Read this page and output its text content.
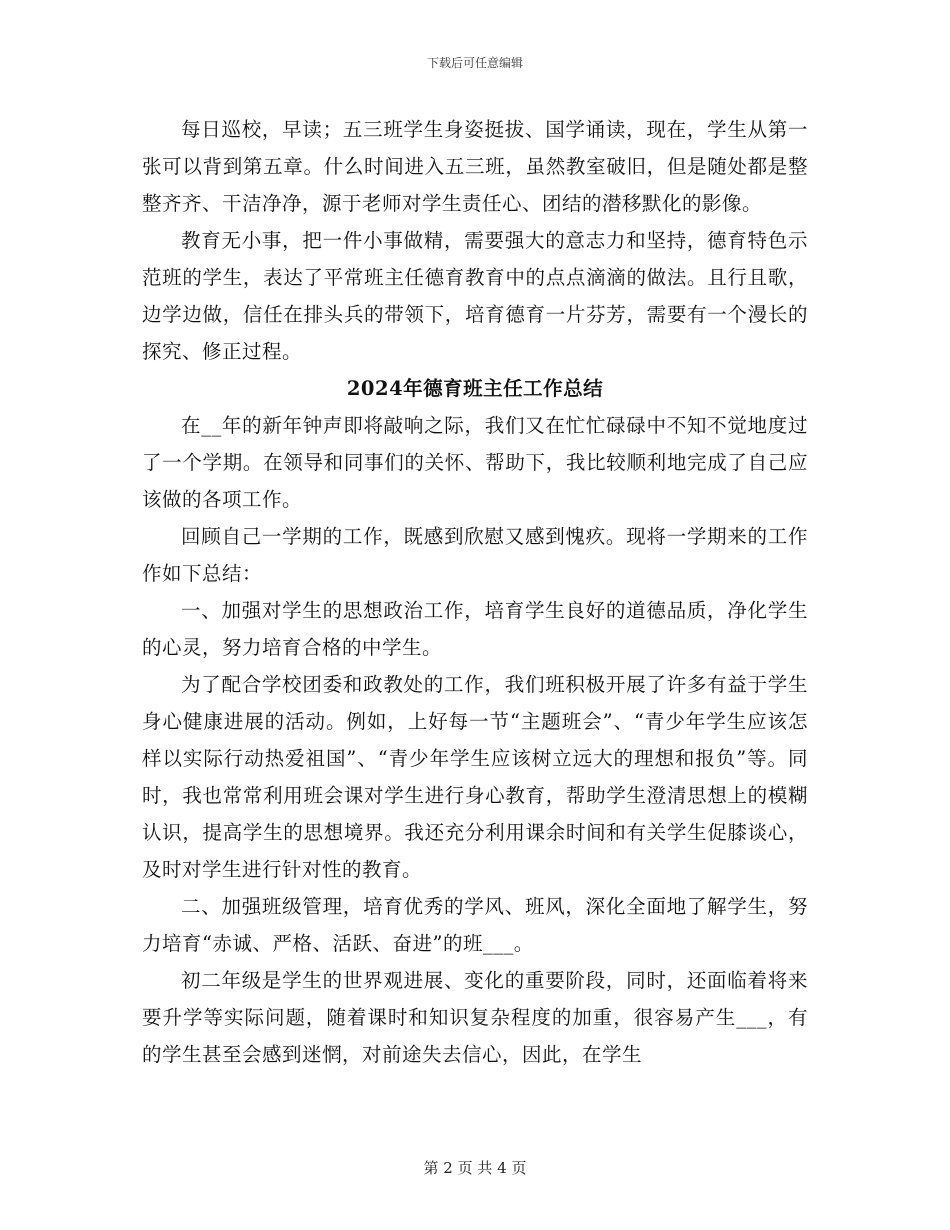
下载后可任意编辑

每日巡校，早读；五三班学生身姿挺拔、国学诵读，现在，学生从第一张可以背到第五章。什么时间进入五三班，虽然教室破旧，但是随处都是整整齐齐、干洁净净，源于老师对学生责任心、团结的潜移默化的影像。

教育无小事，把一件小事做精，需要强大的意志力和坚持，德育特色示范班的学生，表达了平常班主任德育教育中的点点滴滴的做法。且行且歌，边学边做，信任在排头兵的带领下，培育德育一片芬芳，需要有一个漫长的探究、修正过程。

2024年德育班主任工作总结

在__年的新年钟声即将敲响之际，我们又在忙忙碌碌中不知不觉地度过了一个学期。在领导和同事们的关怀、帮助下，我比较顺利地完成了自己应该做的各项工作。

回顾自己一学期的工作，既感到欣慰又感到愧疚。现将一学期来的工作作如下总结：

一、加强对学生的思想政治工作，培育学生良好的道德品质，净化学生的心灵，努力培育合格的中学生。

为了配合学校团委和政教处的工作，我们班积极开展了许多有益于学生身心健康进展的活动。例如，上好每一节“主题班会”、“青少年学生应该怎样以实际行动热爱祖国”、“青少年学生应该树立远大的理想和报负”等。同时，我也常常利用班会课对学生进行身心教育，帮助学生澄清思想上的模糊认识，提高学生的思想境界。我还充分利用课余时间和有关学生促膝谈心，及时对学生进行针对性的教育。

二、加强班级管理，培育优秀的学风、班风，深化全面地了解学生，努力培育“赤诚、严格、活跃、奋进”的班___。

初二年级是学生的世界观进展、变化的重要阶段，同时，还面临着将来要升学等实际问题，随着课时和知识复杂程度的加重，很容易产生___，有的学生甚至会感到迷惘，对前途失去信心，因此，在学生

第 2 页 共 4 页
